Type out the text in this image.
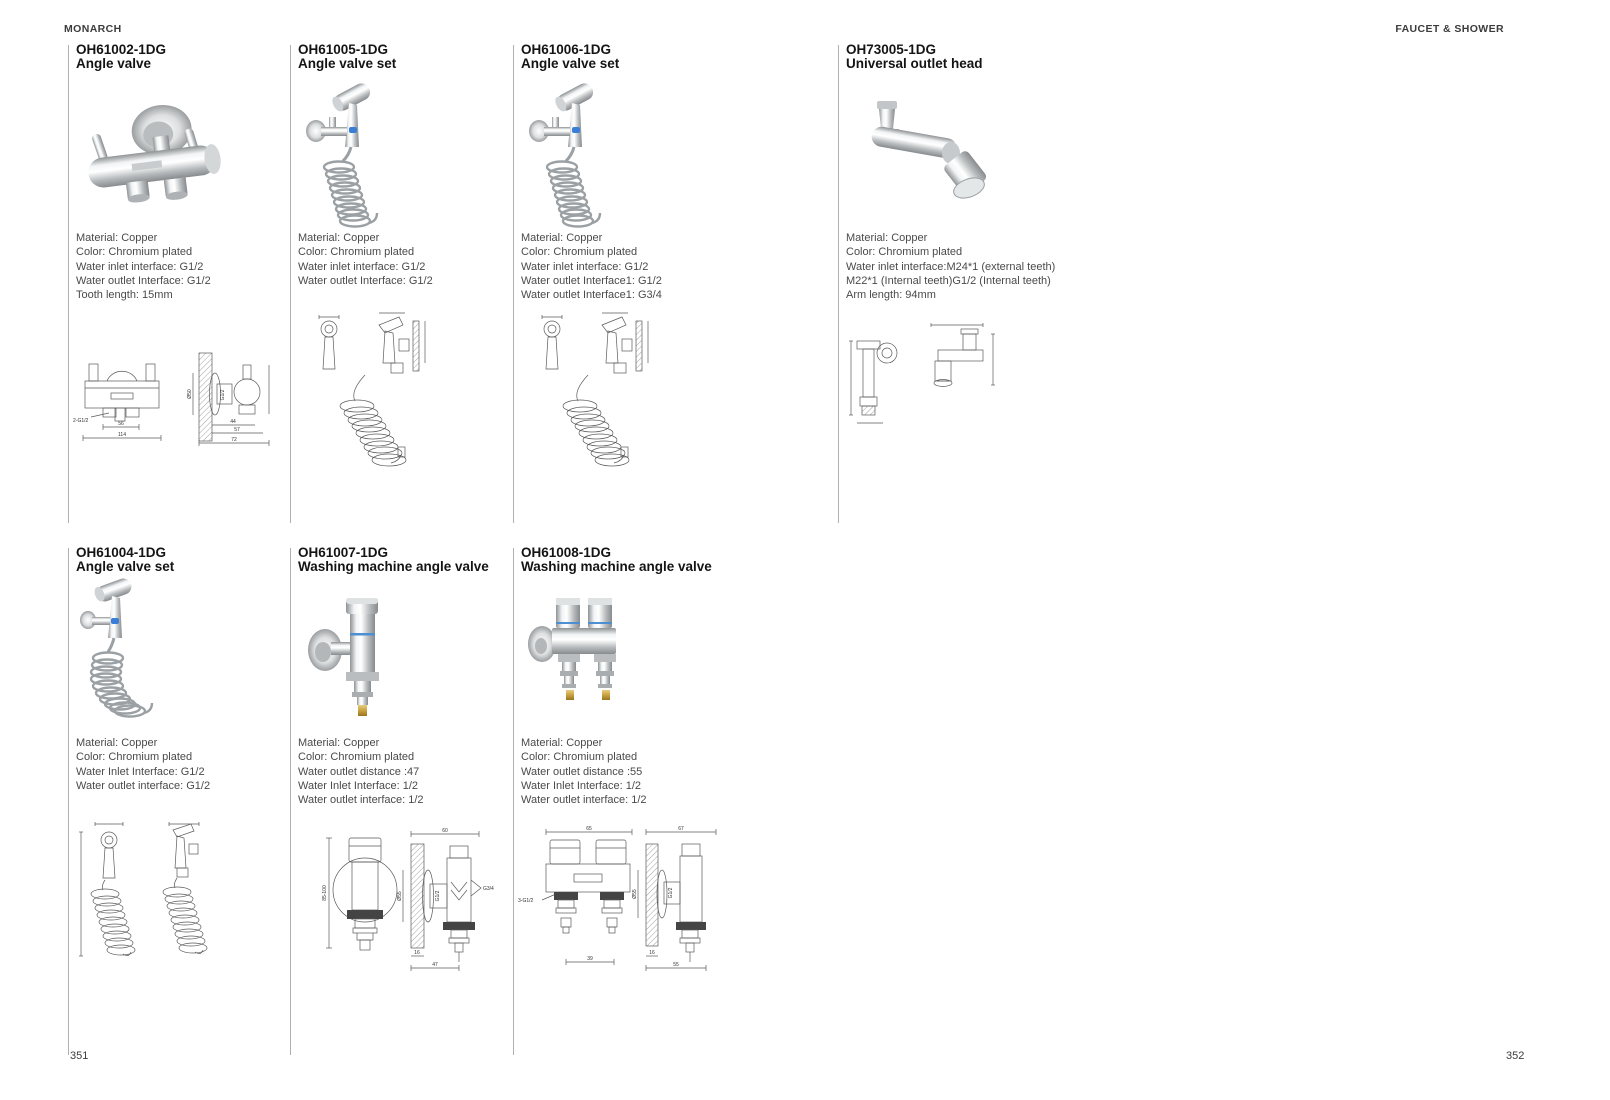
MONARCH	FAUCET & SHOWER
OH61002-1DG
Angle valve
Material: Copper
Color: Chromium plated
Water inlet interface: G1/2
Water outlet Interface: G1/2
Tooth length: 15mm
2-G1/2	56
114
Ø50	G1/2
44
57
72
OH61005-1DG
Angle valve set
Material: Copper
Color: Chromium plated
Water inlet interface: G1/2
Water outlet Interface: G1/2
OH61006-1DG
Angle valve set
Material: Copper
Color: Chromium plated
Water inlet interface: G1/2
Water outlet Interface1: G1/2
Water outlet Interface1: G3/4
OH73005-1DG
Universal outlet head
Material: Copper
Color: Chromium plated
Water inlet interface:M24*1 (external teeth)
M22*1 (Internal teeth)G1/2 (Internal teeth)
Arm length: 94mm
OH61004-1DG
Angle valve set
Material: Copper
Color: Chromium plated
Water Inlet Interface: G1/2
Water outlet interface: G1/2
OH61007-1DG
Washing machine angle valve
Material: Copper
Color: Chromium plated
Water outlet distance :47
Water Inlet Interface: 1/2
Water outlet interface: 1/2
85-100
60
Ø55	G1/2
G3/4
16
47
OH61008-1DG
Washing machine angle valve
Material: Copper
Color: Chromium plated
Water outlet distance :55
Water Inlet Interface: 1/2
Water outlet interface: 1/2
65
3-G1/2
39
67
Ø55	G1/2
16
55
351	352
